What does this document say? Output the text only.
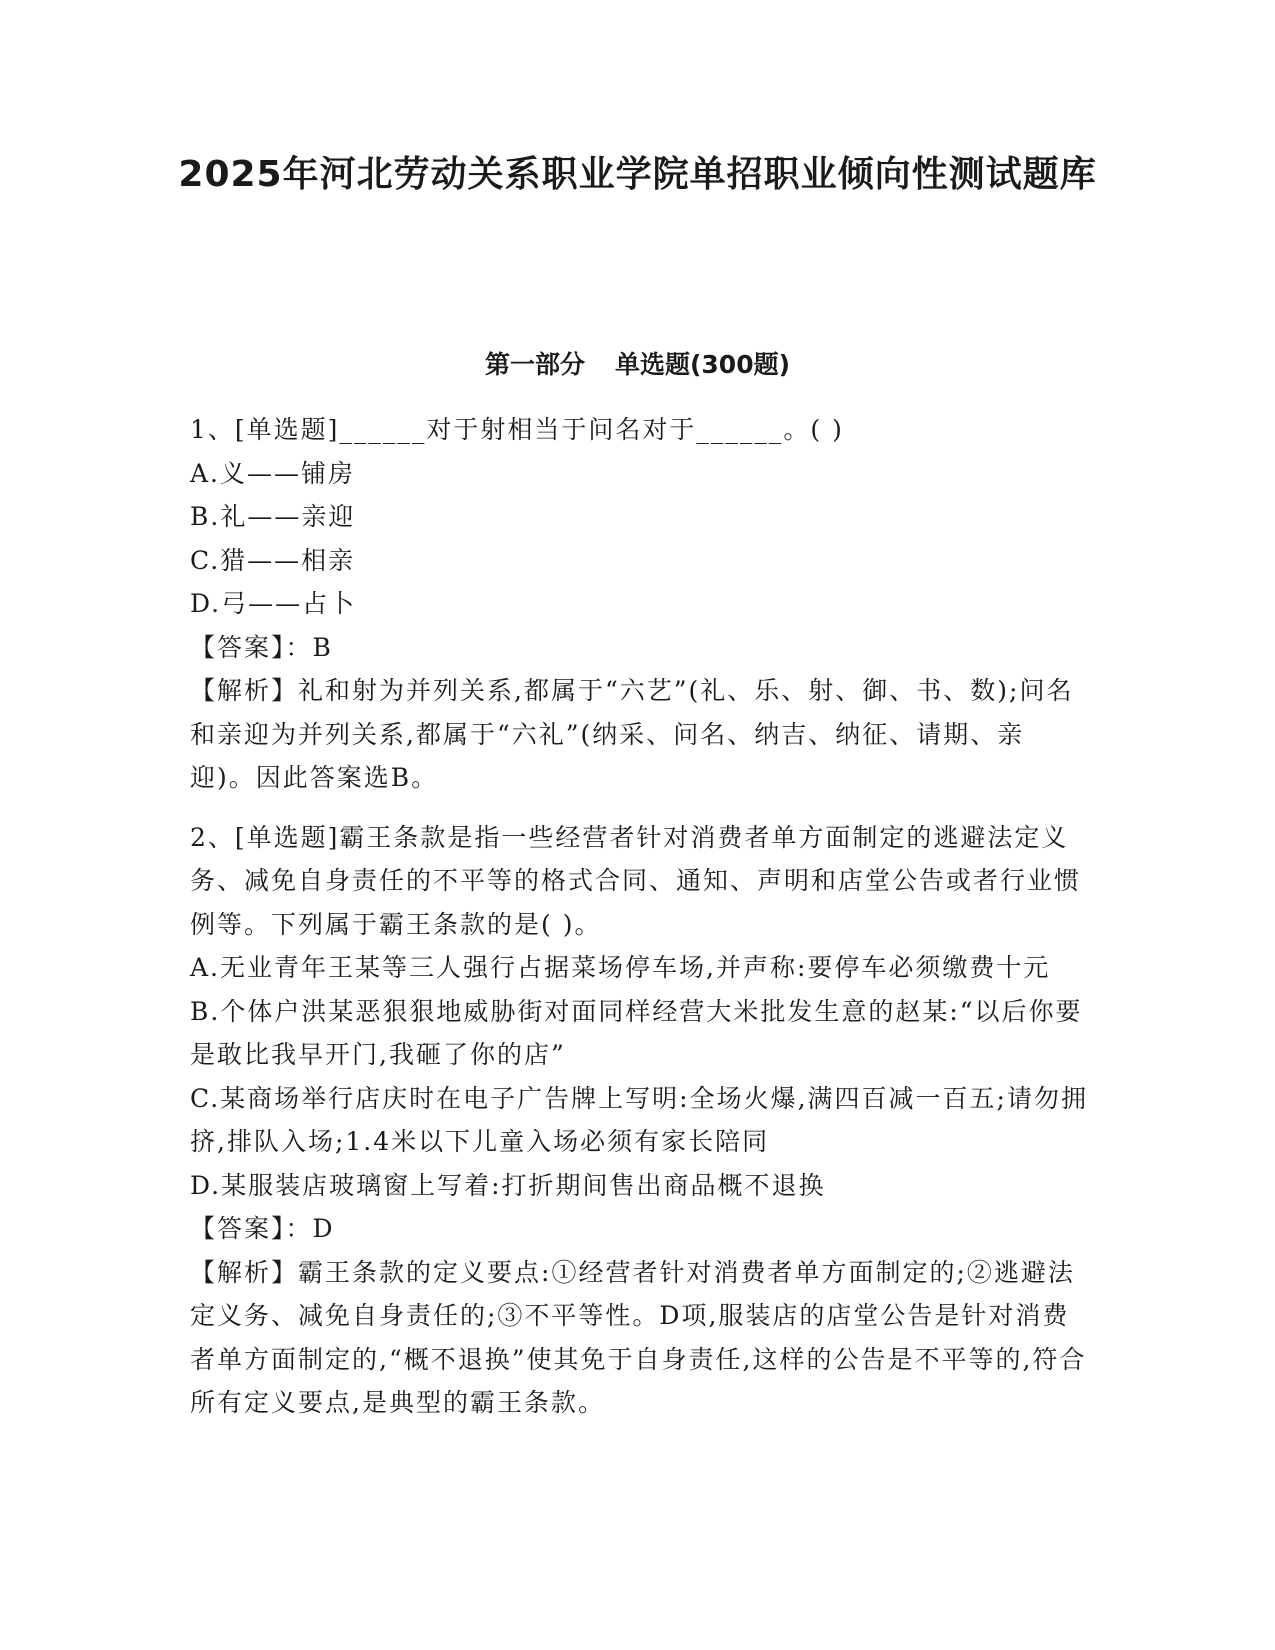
2025年河北劳动关系职业学院单招职业倾向性测试题库
第一部分 单选题(300题)

1、[单选题]______对于射相当于问名对于______。( )

A.义——铺房

B.礼——亲迎

C.猎——相亲

D.弓——占卜

【答案】：B

【解析】礼和射为并列关系,都属于“六艺”(礼、乐、射、御、书、数);问名和亲迎为并列关系,都属于“六礼”(纳采、问名、纳吉、纳征、请期、亲迎)。因此答案选B。

2、[单选题]霸王条款是指一些经营者针对消费者单方面制定的逃避法定义务、减免自身责任的不平等的格式合同、通知、声明和店堂公告或者行业惯例等。下列属于霸王条款的是( )。

A.无业青年王某等三人强行占据菜场停车场,并声称:要停车必须缴费十元

B.个体户洪某恶狠狠地威胁街对面同样经营大米批发生意的赵某:“以后你要是敢比我早开门,我砸了你的店”

C.某商场举行店庆时在电子广告牌上写明:全场火爆,满四百减一百五;请勿拥挤,排队入场;1.4米以下儿童入场必须有家长陪同

D.某服装店玻璃窗上写着:打折期间售出商品概不退换

【答案】：D

【解析】霸王条款的定义要点:①经营者针对消费者单方面制定的;②逃避法定义务、减免自身责任的;③不平等性。D项,服装店的店堂公告是针对消费者单方面制定的,“概不退换”使其免于自身责任,这样的公告是不平等的,符合所有定义要点,是典型的霸王条款。
